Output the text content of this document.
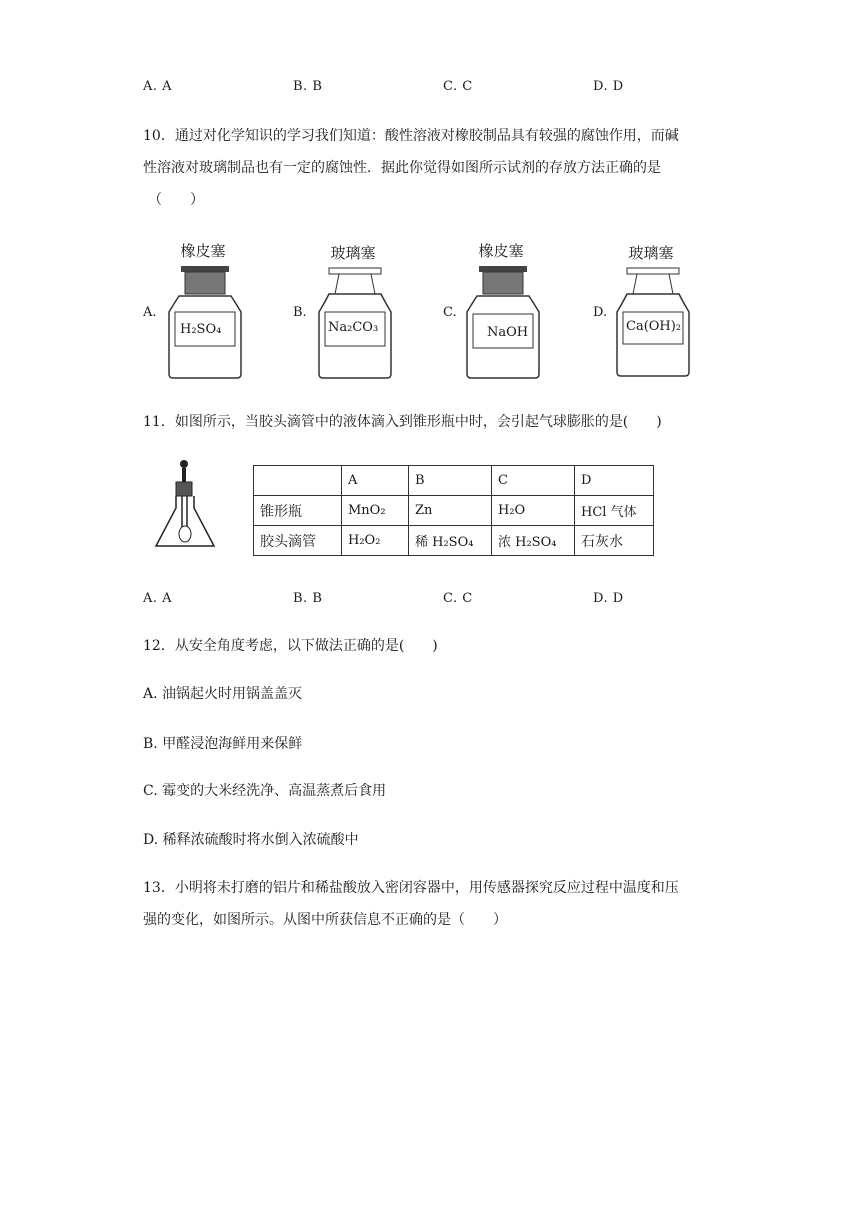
A. A	B. B	C. C	D. D
10．通过对化学知识的学习我们知道：酸性溶液对橡胶制品具有较强的腐蚀作用，而碱
性溶液对玻璃制品也有一定的腐蚀性．据此你觉得如图所示试剂的存放方法正确的是
（　　）
A.
橡皮塞
H₂SO₄
B.
玻璃塞
Na₂CO₃
C.
橡皮塞
NaOH
D.
玻璃塞
Ca(OH)₂
11．如图所示，当胶头滴管中的液体滴入到锥形瓶中时，会引起气球膨胀的是(　　)
	A	B	C	D
锥形瓶	MnO₂	Zn	H₂O	HCl 气体
胶头滴管	H₂O₂	稀 H₂SO₄	浓 H₂SO₄	石灰水
A. A	B. B	C. C	D. D
12．从安全角度考虑，以下做法正确的是(　　)
A. 油锅起火时用锅盖盖灭
B. 甲醛浸泡海鲜用来保鲜
C. 霉变的大米经洗净、高温蒸煮后食用
D. 稀释浓硫酸时将水倒入浓硫酸中
13．小明将未打磨的铝片和稀盐酸放入密闭容器中，用传感器探究反应过程中温度和压
强的变化，如图所示。从图中所获信息不正确的是（　　）
